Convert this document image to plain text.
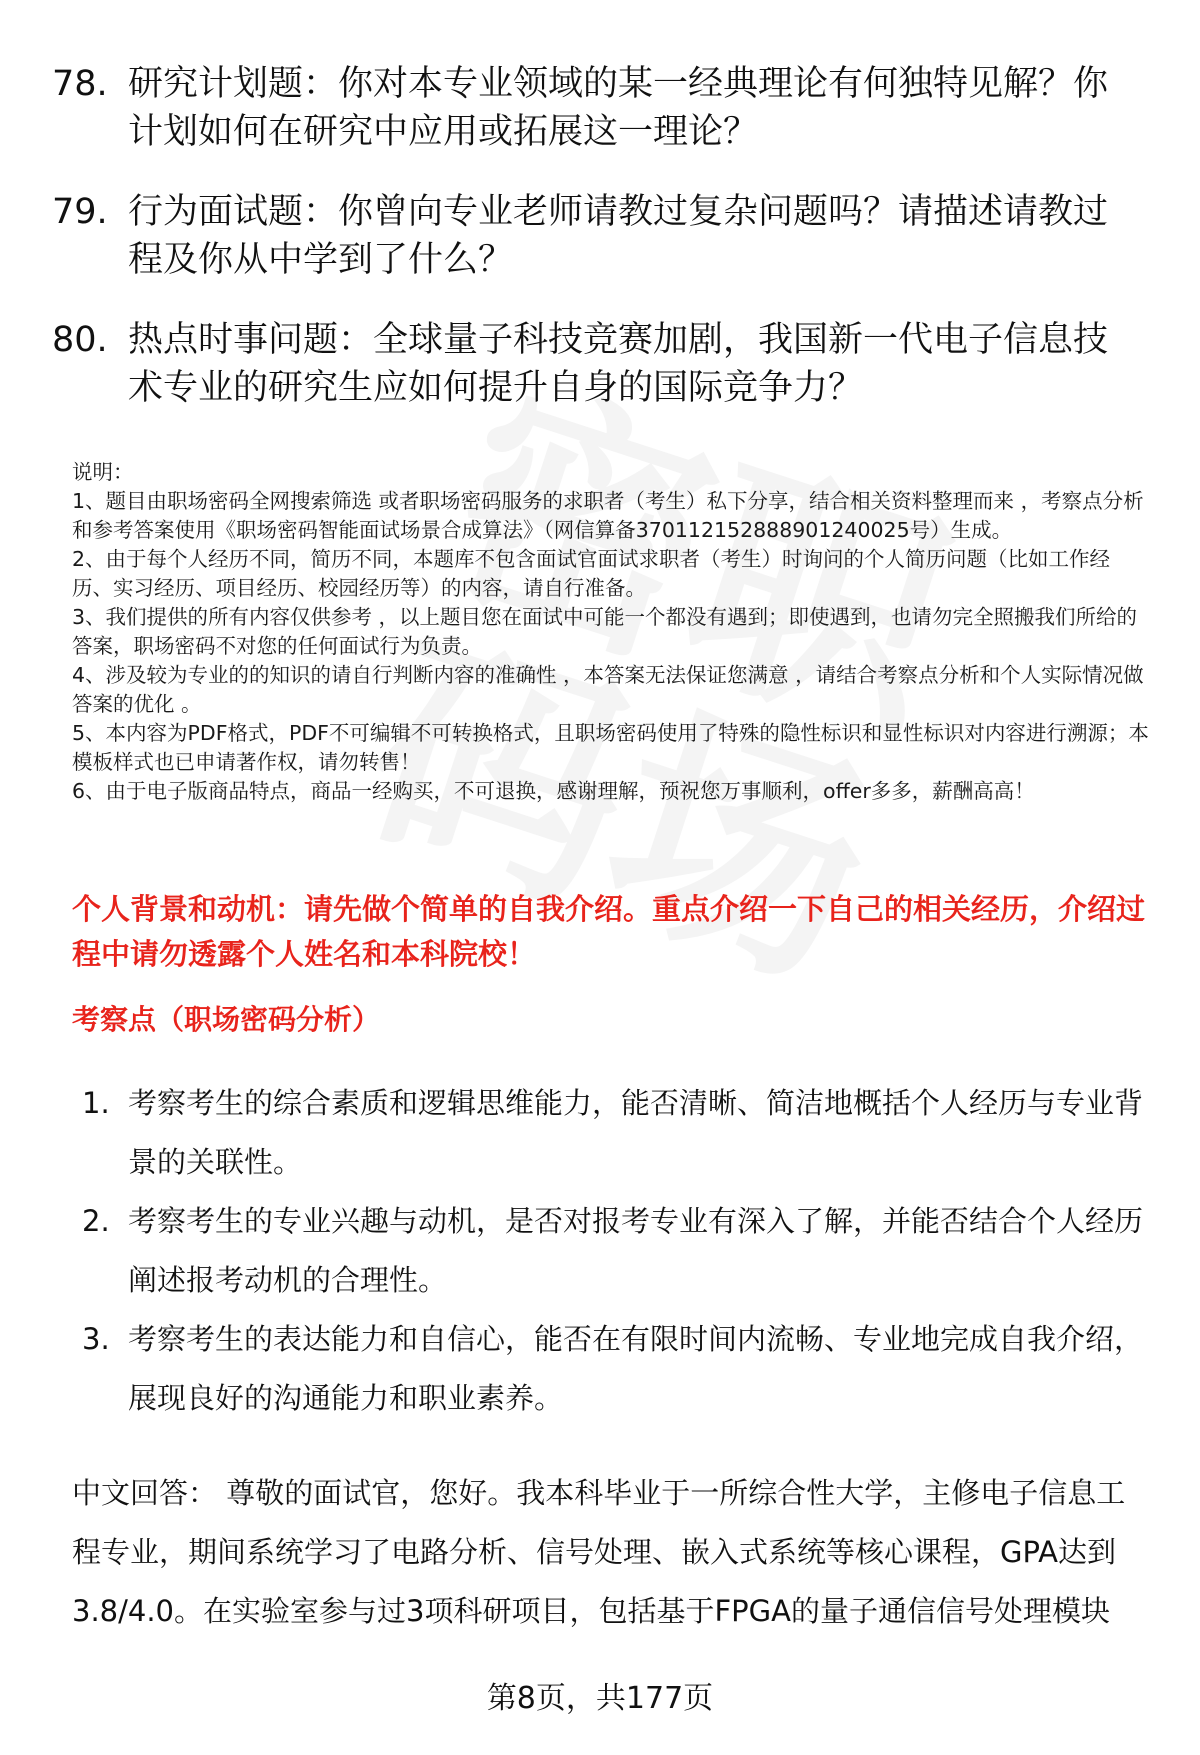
78. 研究计划题：你对本专业领域的某一经典理论有何独特见解？你计划如何在研究中应用或拓展这一理论？
79. 行为面试题：你曾向专业老师请教过复杂问题吗？请描述请教过程及你从中学到了什么？
80. 热点时事问题：全球量子科技竞赛加剧，我国新一代电子信息技术专业的研究生应如何提升自身的国际竞争力？
说明：
1、题目由职场密码全网搜索筛选 或者职场密码服务的求职者（考生）私下分享，结合相关资料整理而来 ，考察点分析和参考答案使用《职场密码智能面试场景合成算法》（网信算备370112152888901240025号）生成。
2、由于每个人经历不同，简历不同，本题库不包含面试官面试求职者（考生）时询问的个人简历问题（比如工作经历、实习经历、项目经历、校园经历等）的内容，请自行准备。
3、我们提供的所有内容仅供参考 ，以上题目您在面试中可能一个都没有遇到；即使遇到，也请勿完全照搬我们所给的答案，职场密码不对您的任何面试行为负责。
4、涉及较为专业的的知识的请自行判断内容的准确性 ，本答案无法保证您满意 ，请结合考察点分析和个人实际情况做答案的优化 。
5、本内容为PDF格式，PDF不可编辑不可转换格式，且职场密码使用了特殊的隐性标识和显性标识对内容进行溯源；本模板样式也已申请著作权，请勿转售！
6、由于电子版商品特点，商品一经购买，不可退换，感谢理解，预祝您万事顺利，offer多多，薪酬高高！
个人背景和动机：请先做个简单的自我介绍。重点介绍一下自己的相关经历，介绍过程中请勿透露个人姓名和本科院校！
考察点（职场密码分析）
1. 考察考生的综合素质和逻辑思维能力，能否清晰、简洁地概括个人经历与专业背景的关联性。
2. 考察考生的专业兴趣与动机，是否对报考专业有深入了解，并能否结合个人经历阐述报考动机的合理性。
3. 考察考生的表达能力和自信心，能否在有限时间内流畅、专业地完成自我介绍，展现良好的沟通能力和职业素养。
中文回答： 尊敬的面试官，您好。我本科毕业于一所综合性大学，主修电子信息工程专业，期间系统学习了电路分析、信号处理、嵌入式系统等核心课程，GPA达到3.8/4.0。在实验室参与过3项科研项目，包括基于FPGA的量子通信信号处理模块
第8页，共177页
